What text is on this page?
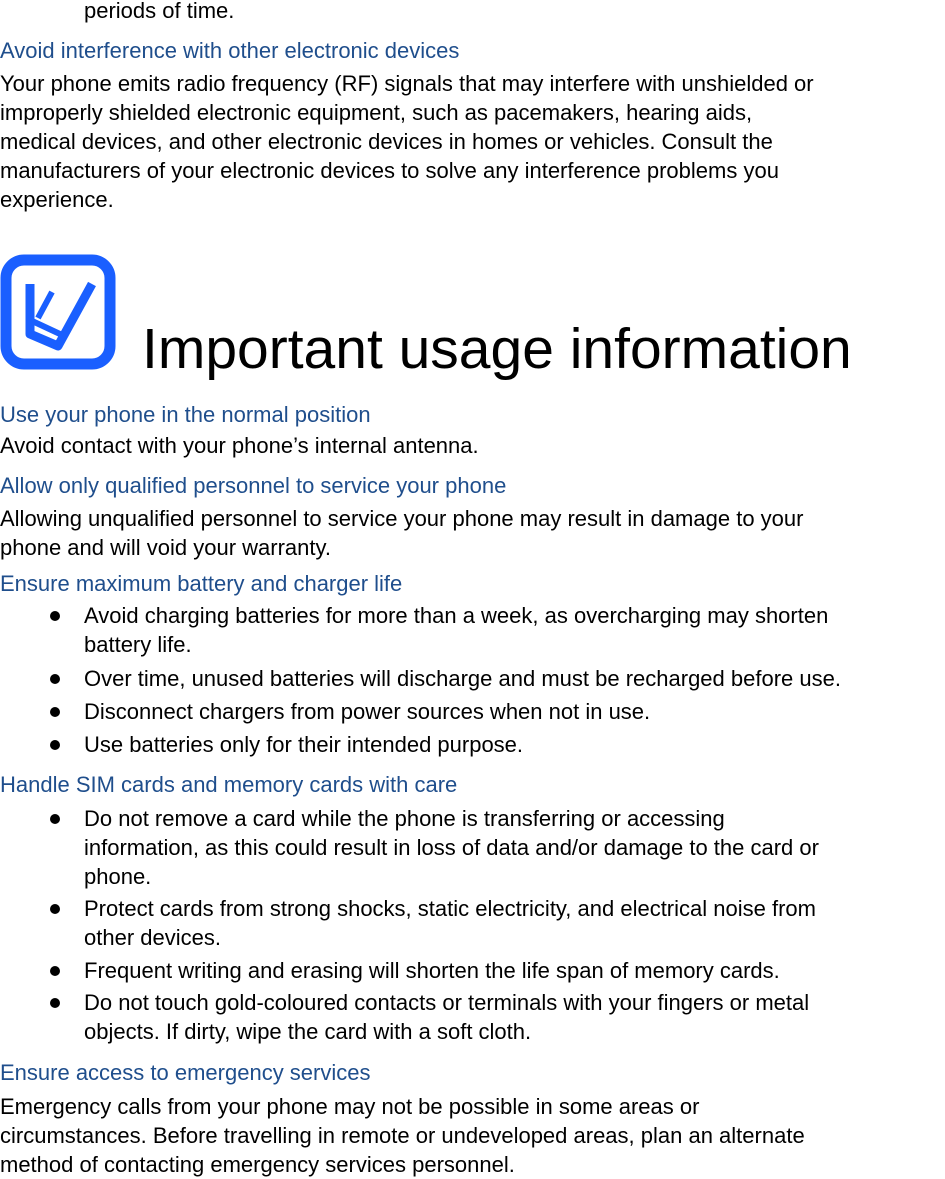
periods of time.
Avoid interference with other electronic devices
Your phone emits radio frequency (RF) signals that may interfere with unshielded or
improperly shielded electronic equipment, such as pacemakers, hearing aids,
medical devices, and other electronic devices in homes or vehicles. Consult the
manufacturers of your electronic devices to solve any interference problems you
experience.
Important usage information
Use your phone in the normal position
Avoid contact with your phone’s internal antenna.
Allow only qualified personnel to service your phone
Allowing unqualified personnel to service your phone may result in damage to your
phone and will void your warranty.
Ensure maximum battery and charger life
Avoid charging batteries for more than a week, as overcharging may shorten
battery life.
Over time, unused batteries will discharge and must be recharged before use.
Disconnect chargers from power sources when not in use.
Use batteries only for their intended purpose.
Handle SIM cards and memory cards with care
Do not remove a card while the phone is transferring or accessing
information, as this could result in loss of data and/or damage to the card or
phone.
Protect cards from strong shocks, static electricity, and electrical noise from
other devices.
Frequent writing and erasing will shorten the life span of memory cards.
Do not touch gold-coloured contacts or terminals with your fingers or metal
objects. If dirty, wipe the card with a soft cloth.
Ensure access to emergency services
Emergency calls from your phone may not be possible in some areas or
circumstances. Before travelling in remote or undeveloped areas, plan an alternate
method of contacting emergency services personnel.
